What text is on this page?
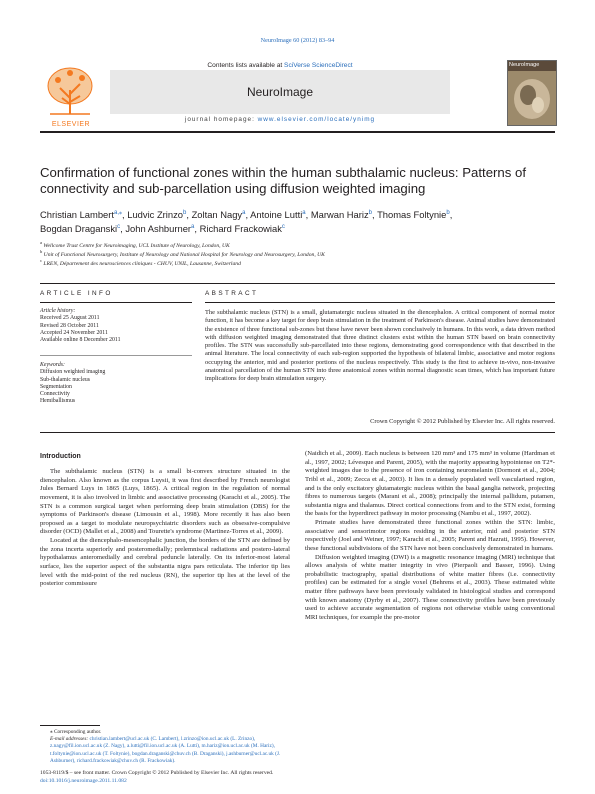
NeuroImage 60 (2012) 83–94
Contents lists available at SciVerse ScienceDirect
NeuroImage
journal homepage: www.elsevier.com/locate/ynimg
ELSEVIER
NeuroImage
Confirmation of functional zones within the human subthalamic nucleus: Patterns of
connectivity and sub-parcellation using diffusion weighted imaging
Christian Lambert$^{a,⁎}$, Ludvic Zrinzo$^b$, Zoltan Nagy$^a$, Antoine Lutti$^a$, Marwan Hariz$^b$, Thomas Foltynie$^b$,
Bogdan Draganski$^c$, John Ashburner$^a$, Richard Frackowiak$^c$
$^a$ Wellcome Trust Centre for Neuroimaging, UCL Institute of Neurology, London, UK
$^b$ Unit of Functional Neurosurgery, Institute of Neurology and National Hospital for Neurology and Neurosurgery, London, UK
$^c$ LREN, Département des neurosciences cliniques - CHUV, UNIL, Lausanne, Switzerland
ARTICLE INFO
Article history:
Received 25 August 2011
Revised 28 October 2011
Accepted 24 November 2011
Available online 8 December 2011
Keywords:
Diffusion weighted imaging
Sub-thalamic nucleus
Segmentation
Connectivity
Hemiballismus
ABSTRACT
The subthalamic nucleus (STN) is a small, glutamatergic nucleus situated in the diencephalon. A critical component of normal motor function, it has become a key target for deep brain stimulation in the treatment of Parkinson's disease. Animal studies have demonstrated the existence of three functional sub-zones but these have never been shown conclusively in humans. In this work, a data driven method with diffusion weighted imaging demonstrated that three distinct clusters exist within the human STN based on brain connectivity profiles. The STN was successfully sub-parcellated into these regions, demonstrating good correspondence with that described in the animal literature. The local connectivity of each sub-region supported the hypothesis of bilateral limbic, associative and motor regions occupying the anterior, mid and posterior portions of the nucleus respectively. This study is the first to achieve in-vivo, non-invasive anatomical parcellation of the human STN into three anatomical zones within normal diagnostic scan times, which has important future implications for deep brain stimulation surgery.
Crown Copyright © 2012 Published by Elsevier Inc. All rights reserved.
Introduction

The subthalamic nucleus (STN) is a small bi-convex structure situated in the diencephalon. Also known as the corpus Luysii, it was first described by French neurologist Jules Bernard Luys in 1865 (Luys, 1865). A critical region in the regulation of normal movement, it is also involved in limbic and associative processing (Karachi et al., 2005). The STN is a common surgical target when performing deep brain stimulation (DBS) for the symptoms of Parkinson's disease (Limousin et al., 1998). More recently it has also been proposed as a target to modulate neuropsychiatric disorders such as obsessive-compulsive disorder (OCD) (Mallet et al., 2008) and Tourette's syndrome (Martinez-Torres et al., 2009).

Located at the diencephalo-mesencephalic junction, the borders of the STN are defined by the zona incerta superiorly and posteromedially; prelemniscal radiations and postero-lateral hypothalamus anteromedially and cerebral peduncle laterally. On its inferior-most lateral surface, lies the superior aspect of the substantia nigra pars reticulata. The inferior tip lies level with the mid-point of the red nucleus (RN), the superior tip lies at the level of the posterior commissure

(Naidich et al., 2009). Each nucleus is between 120 mm³ and 175 mm³ in volume (Hardman et al., 1997, 2002; Lévesque and Parent, 2005), with the majority appearing hypointense on T2*-weighted images due to the presence of iron containing neuromelanin (Dormont et al., 2004; Tribl et al., 2009; Zecca et al., 2003). It lies in a densely populated well vascularised region, and is the only excitatory glutamatergic nucleus within the basal ganglia network, projecting fibres to numerous targets (Marani et al., 2008); principally the internal pallidum, putamen, substantia nigra and thalamus. Direct cortical connections from and to the STN exist, forming the basis for the hyperdirect pathway in motor processing (Nambu et al., 1997, 2002).

Primate studies have demonstrated three functional zones within the STN: limbic, associative and sensorimotor regions residing in the anterior, mid and posterior STN respectively (Joel and Weiner, 1997; Karachi et al., 2005; Parent and Hazrati, 1995). However, these functional subdivisions of the STN have not been conclusively demonstrated in humans.

Diffusion weighted imaging (DWI) is a magnetic resonance imaging (MRI) technique that allows analysis of white matter integrity in vivo (Pierpaoli and Basser, 1996). Using probabilistic tractography, spatial distributions of white matter fibres (i.e. connectivity profiles) can be estimated for a single voxel (Behrens et al., 2003). These estimated white matter fibre pathways have been previously validated in histological studies and correspond with known anatomy (Dyrby et al., 2007). These connectivity profiles have been previously used to achieve accurate segmentation of regions not otherwise visible using conventional MRI techniques, for example the pre-motor

⁎ Corresponding author.
E-mail addresses: christian.lambert@ucl.ac.uk (C. Lambert), l.zrinzo@ion.ucl.ac.uk (L. Zrinzo), z.nagy@fil.ion.ucl.ac.uk (Z. Nagy), a.lutti@fil.ion.ucl.ac.uk (A. Lutti), m.hariz@ion.ucl.ac.uk (M. Hariz), t.foltynie@ion.ucl.ac.uk (T. Foltynie), bogdan.draganski@chuv.ch (B. Draganski), j.ashburner@ucl.ac.uk (J. Ashburner), richard.frackowiak@chuv.ch (R. Frackowiak).
1053-8119/$ – see front matter. Crown Copyright © 2012 Published by Elsevier Inc. All rights reserved.
doi:10.1016/j.neuroimage.2011.11.082
